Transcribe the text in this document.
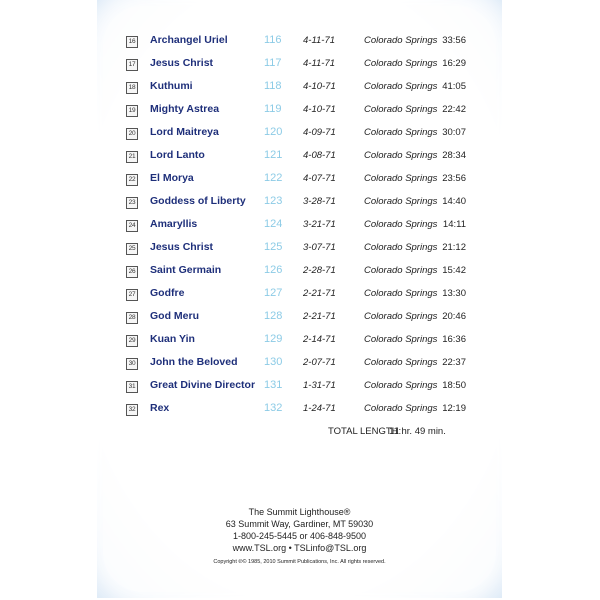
16 Archangel Uriel	116 4-11-71	Colorado Springs 33:56
17 Jesus Christ	117 4-11-71	Colorado Springs 16:29
18 Kuthumi	118 4-10-71	Colorado Springs 41:05
19 Mighty Astrea	119 4-10-71	Colorado Springs 22:42
20 Lord Maitreya	120 4-09-71	Colorado Springs 30:07
21 Lord Lanto	121 4-08-71	Colorado Springs 28:34
22 El Morya	122 4-07-71	Colorado Springs 23:56
23 Goddess of Liberty 123 3-28-71	Colorado Springs 14:40
24 Amaryllis	124 3-21-71	Colorado Springs 14:11
25 Jesus Christ	125 3-07-71	Colorado Springs 21:12
26 Saint Germain	126 2-28-71	Colorado Springs 15:42
27 Godfre	127 2-21-71	Colorado Springs 13:30
28 God Meru	128 2-21-71	Colorado Springs 20:46
29 Kuan Yin	129 2-14-71	Colorado Springs 16:36
30 John the Beloved 130 2-07-71	Colorado Springs 22:37
31 Great Divine Director 131 1-31-71	Colorado Springs 18:50
32 Rex	132 1-24-71	Colorado Springs 12:19
TOTAL LENGTH:
11 hr. 49 min.
The Summit Lighthouse®
63 Summit Way, Gardiner, MT 59030
1-800-245-5445 or 406-848-9500
www.TSL.org • TSLinfo@TSL.org
Copyright ℗© 1985, 2010 Summit Publications, Inc. All rights reserved.
